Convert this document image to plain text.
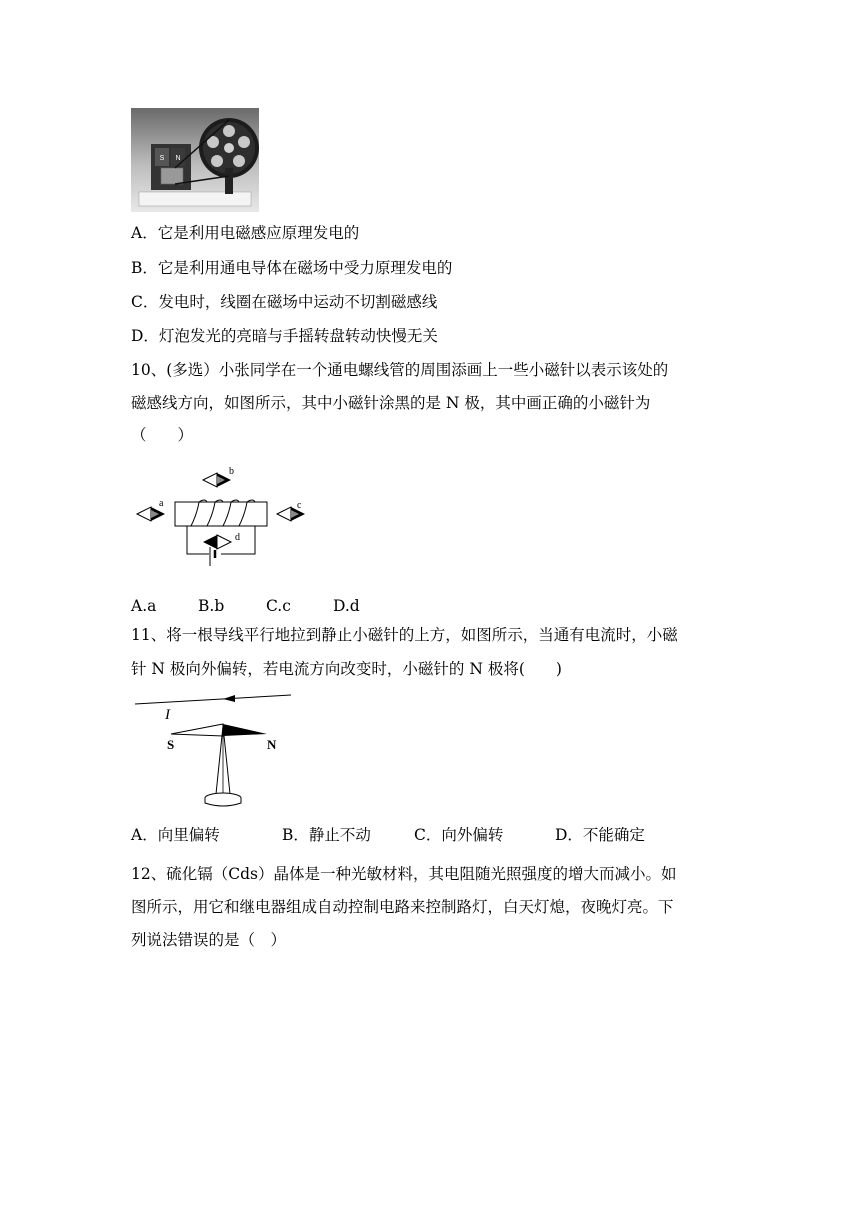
S N
A．它是利用电磁感应原理发电的
B．它是利用通电导体在磁场中受力原理发电的
C．发电时，线圈在磁场中运动不切割磁感线
D．灯泡发光的亮暗与手摇转盘转动快慢无关
10、(多选）小张同学在一个通电螺线管的周围添画上一些小磁针以表示该处的
磁感线方向，如图所示，其中小磁针涂黑的是 N 极，其中画正确的小磁针为
（　　）
a
b
c
d
A.a	B.b	C.c	D.d
11、将一根导线平行地拉到静止小磁针的上方，如图所示，当通有电流时，小磁
针 N 极向外偏转，若电流方向改变时，小磁针的 N 极将(　　)
I
S	N
A．向里偏转	B．静止不动	C．向外偏转	D．不能确定
12、硫化镉（Cds）晶体是一种光敏材料，其电阻随光照强度的增大而减小。如
图所示，用它和继电器组成自动控制电路来控制路灯，白天灯熄，夜晚灯亮。下
列说法错误的是（　）
